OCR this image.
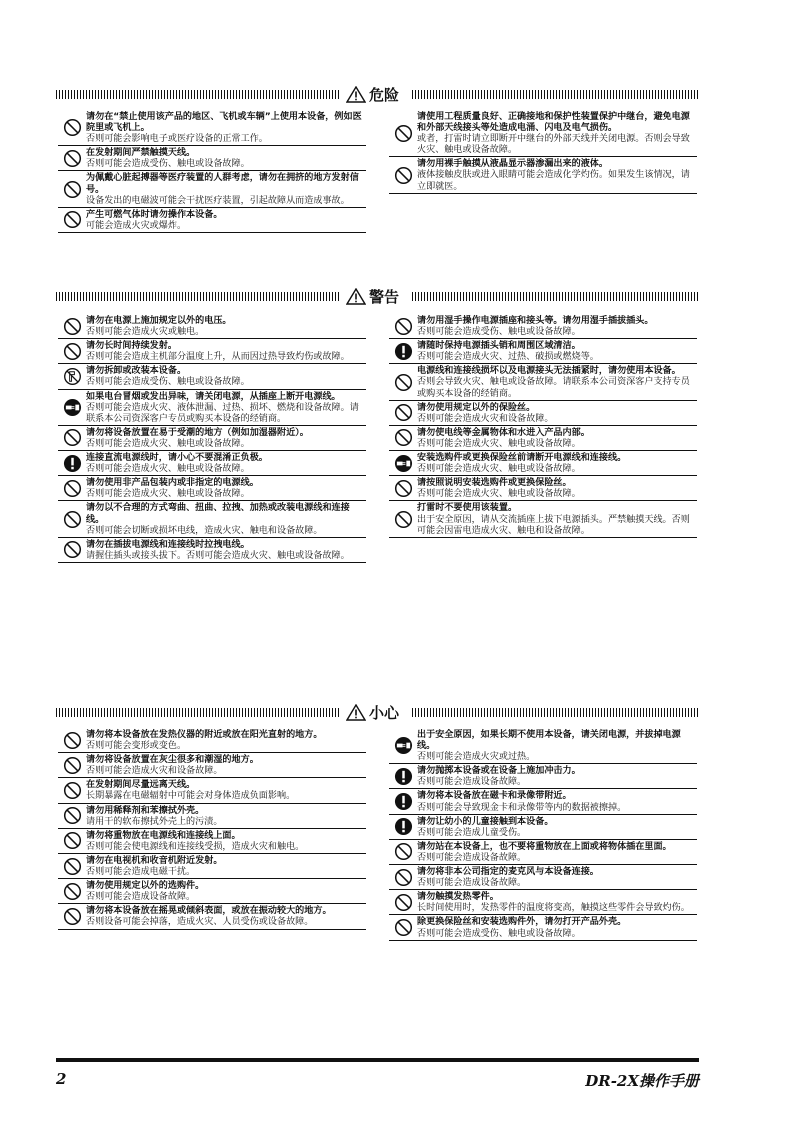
危险
警告
小心
请勿在“禁止使用该产品的地区、飞机或车辆”上使用本设备，例如医院里或飞机上。
否则可能会影响电子或医疗设备的正常工作。
在发射期间严禁触摸天线。
否则可能会造成受伤、触电或设备故障。
为佩戴心脏起搏器等医疗装置的人群考虑，请勿在拥挤的地方发射信号。
设备发出的电磁波可能会干扰医疗装置，引起故障从而造成事故。
产生可燃气体时请勿操作本设备。
可能会造成火灾或爆炸。
请使用工程质量良好、正确接地和保护性装置保护中继台，避免电源和外部天线接头等处造成电涌、闪电及电气损伤。
或者，打雷时请立即断开中继台的外部天线并关闭电源。否则会导致火灾、触电或设备故障。
请勿用裸手触摸从液晶显示器渗漏出来的液体。
液体接触皮肤或进入眼睛可能会造成化学灼伤。如果发生该情况，请立即就医。
请勿在电源上施加规定以外的电压。
否则可能会造成火灾或触电。
请勿长时间持续发射。
否则可能会造成主机部分温度上升，从而因过热导致灼伤或故障。
请勿拆卸或改装本设备。
否则可能会造成受伤、触电或设备故障。
如果电台冒烟或发出异味，请关闭电源，从插座上断开电源线。
否则可能会造成火灾、液体泄漏、过热、损坏、燃烧和设备故障。请联系本公司资深客户专员或购买本设备的经销商。
请勿将设备放置在易于受潮的地方（例如加湿器附近）。
否则可能会造成火灾、触电或设备故障。
连接直流电源线时，请小心不要混淆正负极。
否则可能会造成火灾、触电或设备故障。
请勿使用非产品包装内或非指定的电源线。
否则可能会造成火灾、触电或设备故障。
请勿以不合理的方式弯曲、扭曲、拉拽、加热或改装电源线和连接线。
否则可能会切断或损坏电线，造成火灾、触电和设备故障。
请勿在插拔电源线和连接线时拉拽电线。
请握住插头或接头拔下。否则可能会造成火灾、触电或设备故障。
请勿用湿手操作电源插座和接头等。请勿用湿手插拔插头。
否则可能会造成受伤、触电或设备故障。
请随时保持电源插头销和周围区域清洁。
否则可能会造成火灾、过热、破损或燃烧等。
电源线和连接线损坏以及电源接头无法插紧时，请勿使用本设备。
否则会导致火灾、触电或设备故障。请联系本公司资深客户支持专员或购买本设备的经销商。
请勿使用规定以外的保险丝。
否则可能会造成火灾和设备故障。
请勿使电线等金属物体和水进入产品内部。
否则可能会造成火灾、触电或设备故障。
安装选购件或更换保险丝前请断开电源线和连接线。
否则可能会造成火灾、触电或设备故障。
请按照说明安装选购件或更换保险丝。
否则可能会造成火灾、触电或设备故障。
打雷时不要使用该装置。
出于安全原因，请从交流插座上拔下电源插头。严禁触摸天线。否则可能会因雷电造成火灾、触电和设备故障。
请勿将本设备放在发热仪器的附近或放在阳光直射的地方。
否则可能会变形或变色。
请勿将设备放置在灰尘很多和潮湿的地方。
否则可能会造成火灾和设备故障。
在发射期间尽量远离天线。
长期暴露在电磁辐射中可能会对身体造成负面影响。
请勿用稀释剂和苯擦拭外壳。
请用干的软布擦拭外壳上的污渍。
请勿将重物放在电源线和连接线上面。
否则可能会使电源线和连接线受损，造成火灾和触电。
请勿在电视机和收音机附近发射。
否则可能会造成电磁干扰。
请勿使用规定以外的选购件。
否则可能会造成设备故障。
请勿将本设备放在摇晃或倾斜表面，或放在振动较大的地方。
否则设备可能会掉落，造成火灾、人员受伤或设备故障。
出于安全原因，如果长期不使用本设备，请关闭电源，并拔掉电源线。
否则可能会造成火灾或过热。
请勿抛掷本设备或在设备上施加冲击力。
否则可能会造成设备故障。
请勿将本设备放在磁卡和录像带附近。
否则可能会导致现金卡和录像带等内的数据被擦掉。
请勿让幼小的儿童接触到本设备。
否则可能会造成儿童受伤。
请勿站在本设备上，也不要将重物放在上面或将物体插在里面。
否则可能会造成设备故障。
请勿将非本公司指定的麦克风与本设备连接。
否则可能会造成设备故障。
请勿触摸发热零件。
长时间使用时，发热零件的温度将变高，触摸这些零件会导致灼伤。
除更换保险丝和安装选购件外，请勿打开产品外壳。
否则可能会造成受伤、触电或设备故障。
2	DR-2X操作手册
